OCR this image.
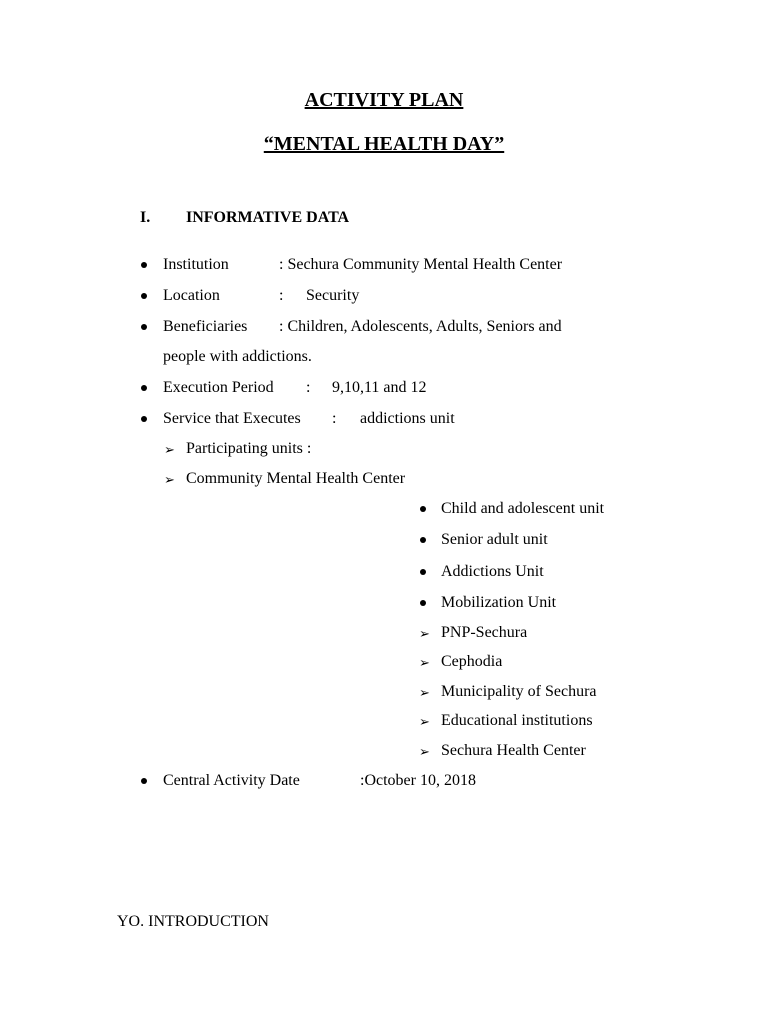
ACTIVITY PLAN
“MENTAL HEALTH DAY”
I. INFORMATIVE DATA
Institution	: Sechura Community Mental Health Center
Location	: Security
Beneficiaries : Children, Adolescents, Adults, Seniors and
people with addictions.
Execution Period : 9,10,11 and 12
Service that Executes : addictions unit
➢ Participating units :
➢ Community Mental Health Center
Child and adolescent unit
Senior adult unit
Addictions Unit
Mobilization Unit
➢ PNP-Sechura
➢ Cephodia
➢ Municipality of Sechura
➢ Educational institutions
➢ Sechura Health Center
Central Activity Date	:October 10, 2018
YO. INTRODUCTION
